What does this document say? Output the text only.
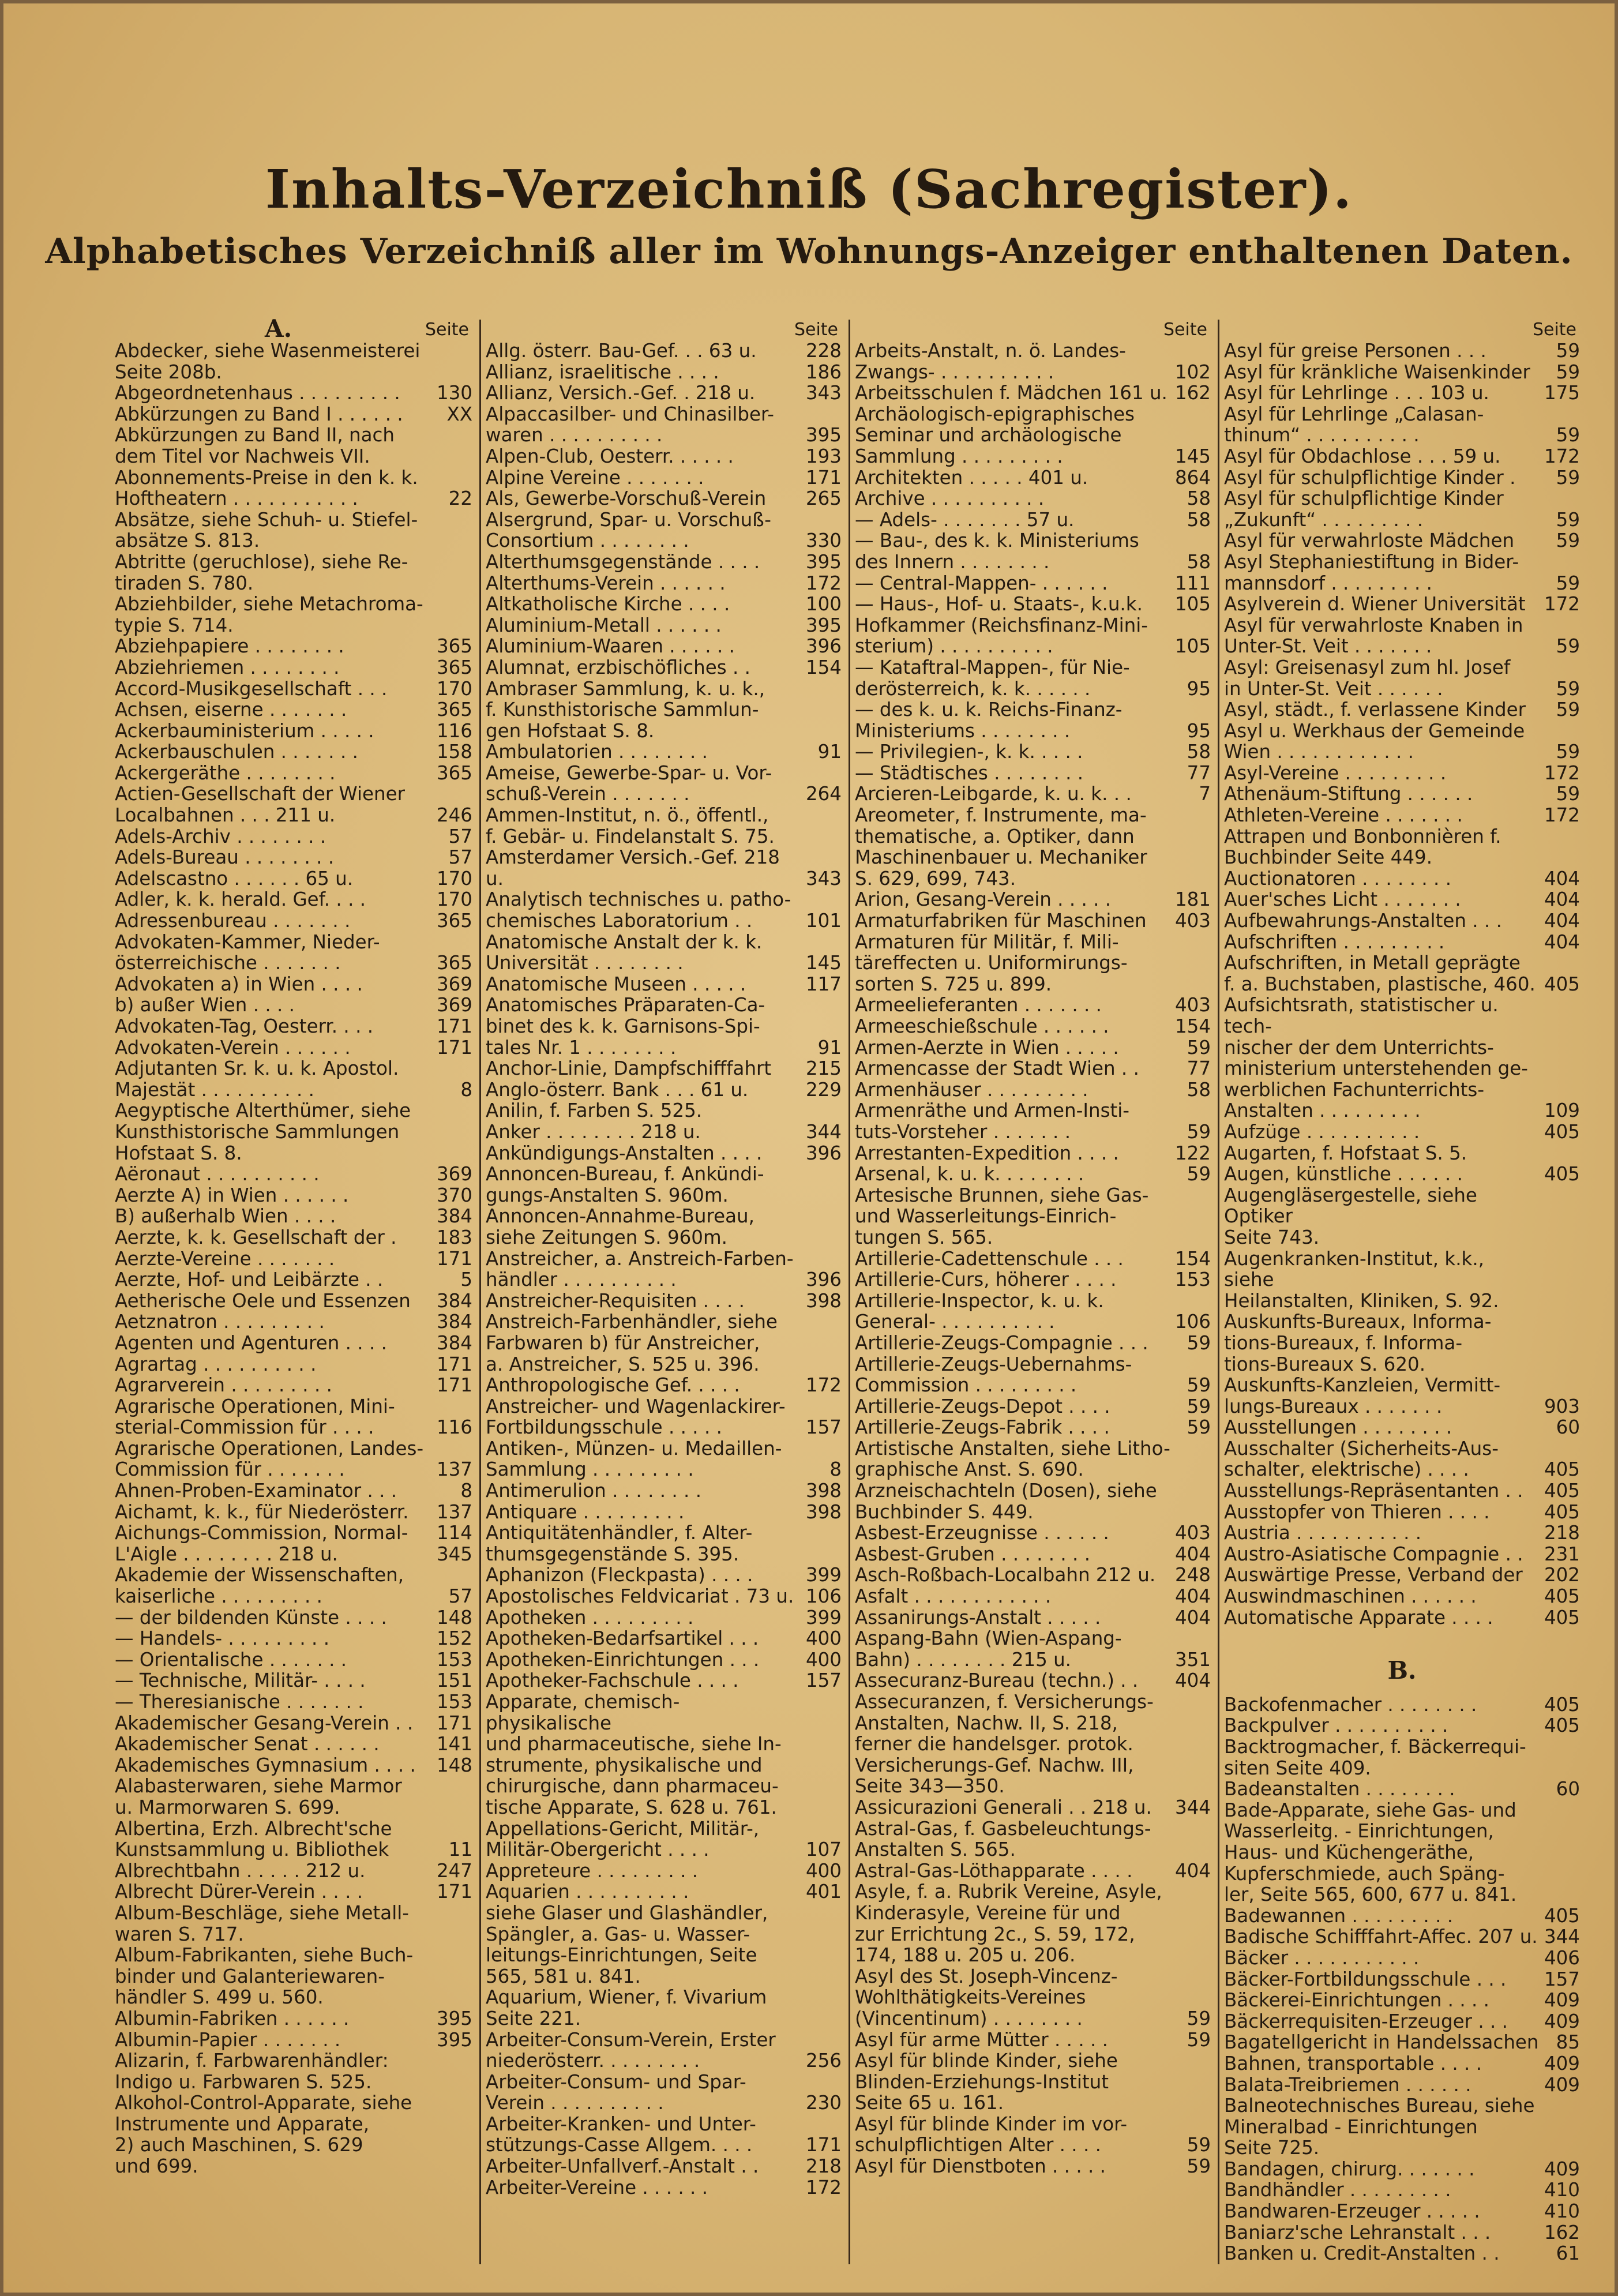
Inhalts-Verzeichniß (Sachregister).
Alphabetisches Verzeichniß aller im Wohnungs-Anzeiger enthaltenen Daten.
A.	Seite
Abdecker, siehe Wasenmeisterei
Seite 208b.
Abgeordnetenhaus . . . . . . . . .	130
Abkürzungen zu Band I . . . . . .	XX
Abkürzungen zu Band II, nach
dem Titel vor Nachweis VII.
Abonnements-Preise in den k. k.
Hoftheatern . . . . . . . . . . .	22
Absätze, siehe Schuh- u. Stiefel-
absätze S. 813.
Abtritte (geruchlose), siehe Re-
tiraden S. 780.
Abziehbilder, siehe Metachroma-
typie S. 714.
Abziehpapiere . . . . . . . .	365
Abziehriemen . . . . . . . .	365
Accord-Musikgesellschaft . . .	170
Achsen, eiserne . . . . . . .	365
Ackerbauministerium . . . . .	116
Ackerbauschulen . . . . . . .	158
Ackergeräthe . . . . . . . .	365
Actien-Gesellschaft der Wiener
Localbahnen . . . 211 u.	246
Adels-Archiv . . . . . . . .	57
Adels-Bureau . . . . . . . .	57
Adelscastno . . . . . . 65 u.	170
Adler, k. k. herald. Gef. . . .	170
Adressenbureau . . . . . . .	365
Advokaten-Kammer, Nieder-
österreichische . . . . . . .	365
Advokaten a) in Wien . . . .	369
b) außer Wien . . . .	369
Advokaten-Tag, Oesterr. . . .	171
Advokaten-Verein . . . . . .	171
Adjutanten Sr. k. u. k. Apostol.
Majestät . . . . . . . . . .	8
Aegyptische Alterthümer, siehe
Kunsthistorische Sammlungen
Hofstaat S. 8.
Aëronaut . . . . . . . . . .	369
Aerzte A) in Wien . . . . . .	370
B) außerhalb Wien . . . .	384
Aerzte, k. k. Gesellschaft der .	183
Aerzte-Vereine . . . . . . .	171
Aerzte, Hof- und Leibärzte . .	5
Aetherische Oele und Essenzen	384
Aetznatron . . . . . . . . .	384
Agenten und Agenturen . . . .	384
Agrartag . . . . . . . . . .	171
Agrarverein . . . . . . . . .	171
Agrarische Operationen, Mini-
sterial-Commission für . . . .	116
Agrarische Operationen, Landes-
Commission für . . . . . . .	137
Ahnen-Proben-Examinator . . .	8
Aichamt, k. k., für Niederösterr.	137
Aichungs-Commission, Normal-	114
L'Aigle . . . . . . . . 218 u.	345
Akademie der Wissenschaften,
kaiserliche . . . . . . . . .	57
— der bildenden Künste . . . .	148
— Handels- . . . . . . . . .	152
— Orientalische . . . . . . .	153
— Technische, Militär- . . . .	151
— Theresianische . . . . . . .	153
Akademischer Gesang-Verein . .	171
Akademischer Senat . . . . . .	141
Akademisches Gymnasium . . . .	148
Alabasterwaren, siehe Marmor
u. Marmorwaren S. 699.
Albertina, Erzh. Albrecht'sche
Kunstsammlung u. Bibliothek	11
Albrechtbahn . . . . . 212 u.	247
Albrecht Dürer-Verein . . . .	171
Album-Beschläge, siehe Metall-
waren S. 717.
Album-Fabrikanten, siehe Buch-
binder und Galanteriewaren-
händler S. 499 u. 560.
Albumin-Fabriken . . . . . .	395
Albumin-Papier . . . . . . .	395
Alizarin, f. Farbwarenhändler:
Indigo u. Farbwaren S. 525.
Alkohol-Control-Apparate, siehe
Instrumente und Apparate,
2) auch Maschinen, S. 629
und 699.
Seite
Allg. österr. Bau-Gef. . . 63 u.	228
Allianz, israelitische . . . .	186
Allianz, Versich.-Gef. . 218 u.	343
Alpaccasilber- und Chinasilber-
waren . . . . . . . . . .	395
Alpen-Club, Oesterr. . . . . .	193
Alpine Vereine . . . . . . .	171
Als, Gewerbe-Vorschuß-Verein	265
Alsergrund, Spar- u. Vorschuß-
Consortium . . . . . . . .	330
Alterthumsgegenstände . . . .	395
Alterthums-Verein . . . . . .	172
Altkatholische Kirche . . . .	100
Aluminium-Metall . . . . . .	395
Aluminium-Waaren . . . . . .	396
Alumnat, erzbischöfliches . .	154
Ambraser Sammlung, k. u. k.,
f. Kunsthistorische Sammlun-
gen Hofstaat S. 8.
Ambulatorien . . . . . . . .	91
Ameise, Gewerbe-Spar- u. Vor-
schuß-Verein . . . . . . .	264
Ammen-Institut, n. ö., öffentl.,
f. Gebär- u. Findelanstalt S. 75.
Amsterdamer Versich.-Gef. 218 u.	343
Analytisch technisches u. patho-
chemisches Laboratorium . .	101
Anatomische Anstalt der k. k.
Universität . . . . . . . .	145
Anatomische Museen . . . . .	117
Anatomisches Präparaten-Ca-
binet des k. k. Garnisons-Spi-
tales Nr. 1 . . . . . . . .	91
Anchor-Linie, Dampfschifffahrt	215
Anglo-österr. Bank . . . 61 u.	229
Anilin, f. Farben S. 525.
Anker . . . . . . . . 218 u.	344
Ankündigungs-Anstalten . . . .	396
Annoncen-Bureau, f. Ankündi-
gungs-Anstalten S. 960m.
Annoncen-Annahme-Bureau,
siehe Zeitungen S. 960m.
Anstreicher, a. Anstreich-Farben-
händler . . . . . . . . . .	396
Anstreicher-Requisiten . . . .	398
Anstreich-Farbenhändler, siehe
Farbwaren b) für Anstreicher,
a. Anstreicher, S. 525 u. 396.
Anthropologische Gef. . . . .	172
Anstreicher- und Wagenlackirer-
Fortbildungsschule . . . . .	157
Antiken-, Münzen- u. Medaillen-
Sammlung . . . . . . . . .	8
Antimerulion . . . . . . . .	398
Antiquare . . . . . . . . .	398
Antiquitätenhändler, f. Alter-
thumsgegenstände S. 395.
Aphanizon (Fleckpasta) . . . .	399
Apostolisches Feldvicariat . 73 u. 106
Apotheken . . . . . . . . .	399
Apotheken-Bedarfsartikel . . .	400
Apotheken-Einrichtungen . . .	400
Apotheker-Fachschule . . . .	157
Apparate, chemisch-physikalische
und pharmaceutische, siehe In-
strumente, physikalische und
chirurgische, dann pharmaceu-
tische Apparate, S. 628 u. 761.
Appellations-Gericht, Militär-,
Militär-Obergericht . . . .	107
Appreteure . . . . . . . . .	400
Aquarien . . . . . . . . . .	401
siehe Glaser und Glashändler,
Spängler, a. Gas- u. Wasser-
leitungs-Einrichtungen, Seite
565, 581 u. 841.
Aquarium, Wiener, f. Vivarium
Seite 221.
Arbeiter-Consum-Verein, Erster
niederösterr. . . . . . . . .	256
Arbeiter-Consum- und Spar-
Verein . . . . . . . . . .	230
Arbeiter-Kranken- und Unter-
stützungs-Casse Allgem. . . .	171
Arbeiter-Unfallverf.-Anstalt . .	218
Arbeiter-Vereine . . . . . .	172
Seite
Arbeits-Anstalt, n. ö. Landes-
Zwangs- . . . . . . . . . .	102
Arbeitsschulen f. Mädchen 161 u. 162
Archäologisch-epigraphisches
Seminar und archäologische
Sammlung . . . . . . . . .	145
Architekten . . . . . 401 u.	864
Archive . . . . . . . . . .	58
— Adels- . . . . . . . 57 u.	58
— Bau-, des k. k. Ministeriums
des Innern . . . . . . . .	58
— Central-Mappen- . . . . . .	111
— Haus-, Hof- u. Staats-, k.u.k.	105
Hofkammer (Reichsfinanz-Mini-
sterium) . . . . . . . . . .	105
— Kataftral-Mappen-, für Nie-
derösterreich, k. k. . . . . .	95
— des k. u. k. Reichs-Finanz-
Ministeriums . . . . . . . .	95
— Privilegien-, k. k. . . . .	58
— Städtisches . . . . . . . .	77
Arcieren-Leibgarde, k. u. k. . .	7
Areometer, f. Instrumente, ma-
thematische, a. Optiker, dann
Maschinenbauer u. Mechaniker
S. 629, 699, 743.
Arion, Gesang-Verein . . . . .	181
Armaturfabriken für Maschinen	403
Armaturen für Militär, f. Mili-
täreffecten u. Uniformirungs-
sorten S. 725 u. 899.
Armeelieferanten . . . . . . .	403
Armeeschießschule . . . . . .	154
Armen-Aerzte in Wien . . . . .	59
Armencasse der Stadt Wien . .	77
Armenhäuser . . . . . . . . .	58
Armenräthe und Armen-Insti-
tuts-Vorsteher . . . . . . .	59
Arrestanten-Expedition . . . .	122
Arsenal, k. u. k. . . . . . . .	59
Artesische Brunnen, siehe Gas-
und Wasserleitungs-Einrich-
tungen S. 565.
Artillerie-Cadettenschule . . .	154
Artillerie-Curs, höherer . . . .	153
Artillerie-Inspector, k. u. k.
General- . . . . . . . . . .	106
Artillerie-Zeugs-Compagnie . . .	59
Artillerie-Zeugs-Uebernahms-
Commission . . . . . . . . .	59
Artillerie-Zeugs-Depot . . . .	59
Artillerie-Zeugs-Fabrik . . . .	59
Artistische Anstalten, siehe Litho-
graphische Anst. S. 690.
Arzneischachteln (Dosen), siehe
Buchbinder S. 449.
Asbest-Erzeugnisse . . . . . .	403
Asbest-Gruben . . . . . . . .	404
Asch-Roßbach-Localbahn 212 u.	248
Asfalt . . . . . . . . . . . .	404
Assanirungs-Anstalt . . . . .	404
Aspang-Bahn (Wien-Aspang-
Bahn) . . . . . . . . 215 u.	351
Assecuranz-Bureau (techn.) . .	404
Assecuranzen, f. Versicherungs-
Anstalten, Nachw. II, S. 218,
ferner die handelsger. protok.
Versicherungs-Gef. Nachw. III,
Seite 343—350.
Assicurazioni Generali . . 218 u.	344
Astral-Gas, f. Gasbeleuchtungs-
Anstalten S. 565.
Astral-Gas-Löthapparate . . . .	404
Asyle, f. a. Rubrik Vereine, Asyle,
Kinderasyle, Vereine für und
zur Errichtung 2c., S. 59, 172,
174, 188 u. 205 u. 206.
Asyl des St. Joseph-Vincenz-
Wohlthätigkeits-Vereines
(Vincentinum) . . . . . . . .	59
Asyl für arme Mütter . . . . .	59
Asyl für blinde Kinder, siehe
Blinden-Erziehungs-Institut
Seite 65 u. 161.
Asyl für blinde Kinder im vor-
schulpflichtigen Alter . . . .	59
Asyl für Dienstboten . . . . .	59
Seite
Asyl für greise Personen . . .	59
Asyl für kränkliche Waisenkinder	59
Asyl für Lehrlinge . . . 103 u.	175
Asyl für Lehrlinge „Calasan-
thinum“ . . . . . . . . . .	59
Asyl für Obdachlose . . . 59 u.	172
Asyl für schulpflichtige Kinder .	59
Asyl für schulpflichtige Kinder
„Zukunft“ . . . . . . . . .	59
Asyl für verwahrloste Mädchen	59
Asyl Stephaniestiftung in Bider-
mannsdorf . . . . . . . . .	59
Asylverein d. Wiener Universität 172
Asyl für verwahrloste Knaben in
Unter-St. Veit . . . . . . .	59
Asyl: Greisenasyl zum hl. Josef
in Unter-St. Veit . . . . . .	59
Asyl, städt., f. verlassene Kinder	59
Asyl u. Werkhaus der Gemeinde
Wien . . . . . . . . . . . .	59
Asyl-Vereine . . . . . . . . .	172
Athenäum-Stiftung . . . . . .	59
Athleten-Vereine . . . . . . .	172
Attrapen und Bonbonnièren f.
Buchbinder Seite 449.
Auctionatoren . . . . . . . .	404
Auer'sches Licht . . . . . . .	404
Aufbewahrungs-Anstalten . . .	404
Aufschriften . . . . . . . . .	404
Aufschriften, in Metall geprägte
f. a. Buchstaben, plastische, 460. 405
Aufsichtsrath, statistischer u. tech-
nischer der dem Unterrichts-
ministerium unterstehenden ge-
werblichen Fachunterrichts-
Anstalten . . . . . . . . .	109
Aufzüge . . . . . . . . . .	405
Augarten, f. Hofstaat S. 5.
Augen, künstliche . . . . . .	405
Augengläsergestelle, siehe Optiker
Seite 743.
Augenkranken-Institut, k.k., siehe
Heilanstalten, Kliniken, S. 92.
Auskunfts-Bureaux, Informa-
tions-Bureaux, f. Informa-
tions-Bureaux S. 620.
Auskunfts-Kanzleien, Vermitt-
lungs-Bureaux . . . . . . .	903
Ausstellungen . . . . . . . .	60
Ausschalter (Sicherheits-Aus-
schalter, elektrische) . . . .	405
Ausstellungs-Repräsentanten . .	405
Ausstopfer von Thieren . . . .	405
Austria . . . . . . . . . . .	218
Austro-Asiatische Compagnie . .	231
Auswärtige Presse, Verband der	202
Auswindmaschinen . . . . . .	405
Automatische Apparate . . . .	405
B.
Backofenmacher . . . . . . . .	405
Backpulver . . . . . . . . . .	405
Backtrogmacher, f. Bäckerrequi-
siten Seite 409.
Badeanstalten . . . . . . . .	60
Bade-Apparate, siehe Gas- und
Wasserleitg. - Einrichtungen,
Haus- und Küchengeräthe,
Kupferschmiede, auch Späng-
ler, Seite 565, 600, 677 u. 841.
Badewannen . . . . . . . . .	405
Badische Schifffahrt-Affec. 207 u. 344
Bäcker . . . . . . . . . . .	406
Bäcker-Fortbildungsschule . . .	157
Bäckerei-Einrichtungen . . . .	409
Bäckerrequisiten-Erzeuger . . .	409
Bagatellgericht in Handelssachen 85
Bahnen, transportable . . . .	409
Balata-Treibriemen . . . . . .	409
Balneotechnisches Bureau, siehe
Mineralbad - Einrichtungen
Seite 725.
Bandagen, chirurg. . . . . . .	409
Bandhändler . . . . . . . . .	410
Bandwaren-Erzeuger . . . . .	410
Baniarz'sche Lehranstalt . . .	162
Banken u. Credit-Anstalten . .	61
